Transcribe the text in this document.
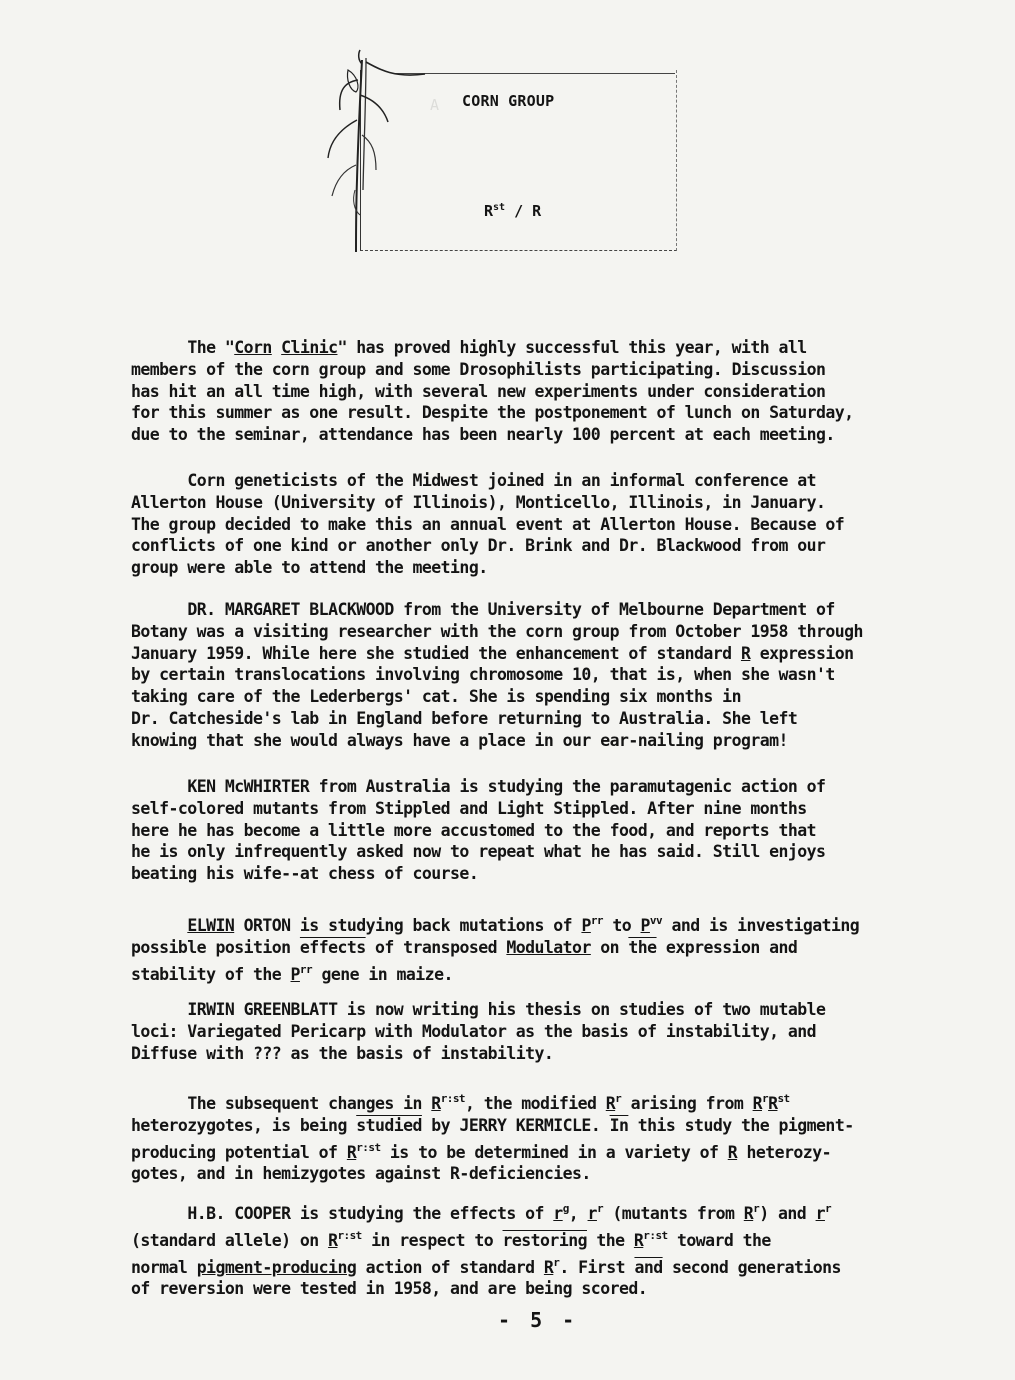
CORN GROUP
$R^{st}$ / R
A

The "Corn Clinic" has proved highly successful this year, with all
members of the corn group and some Drosophilists participating. Discussion
has hit an all time high, with several new experiments under consideration
for this summer as one result. Despite the postponement of lunch on Saturday,
due to the seminar, attendance has been nearly 100 percent at each meeting.
Corn geneticists of the Midwest joined in an informal conference at
Allerton House (University of Illinois), Monticello, Illinois, in January.
The group decided to make this an annual event at Allerton House. Because of
conflicts of one kind or another only Dr. Brink and Dr. Blackwood from our
group were able to attend the meeting.
DR. MARGARET BLACKWOOD from the University of Melbourne Department of
Botany was a visiting researcher with the corn group from October 1958 through
January 1959. While here she studied the enhancement of standard R expression
by certain translocations involving chromosome 10, that is, when she wasn't
taking care of the Lederbergs' cat. She is spending six months in
Dr. Catcheside's lab in England before returning to Australia. She left
knowing that she would always have a place in our ear-nailing program!
KEN McWHIRTER from Australia is studying the paramutagenic action of
self-colored mutants from Stippled and Light Stippled. After nine months
here he has become a little more accustomed to the food, and reports that
he is only infrequently asked now to repeat what he has said. Still enjoys
beating his wife--at chess of course.
ELWIN ORTON is studying back mutations of $P^{rr}$ to $P^{vv}$ and is investigating
possible position effects of transposed Modulator on $\overline{the}$ expression and
stability of the $P^{rr}$ gene in maize.
IRWIN GREENBLATT is now writing his thesis on studies of two mutable
loci: Variegated Pericarp with Modulator as the basis of instability, and
Diffuse with ??? as the basis of instability.
The subsequent changes in $R^{r:st}$, the modified $R^r$ arising from $R^rR^{st}$
heterozygotes, is being studied by JERRY KERMICLE. $\overline{In}$ this study the pigment-
producing potential of $R^{r:st}$ is to be determined in a variety of R heterozy-
gotes, and in hemizygotes against R-deficiencies.
H.B. COOPER is studying the effects of $r^g$, $r^r$ (mutants from $R^r$) and $r^r$
(standard allele) on $R^{r:st}$ in respect to restoring the $R^{r:st}$ toward the
normal pigment-producing action of standard $R^r$. First $\overline{and}$ second generations
of reversion were tested in 1958, and are being scored.
- 5 -
